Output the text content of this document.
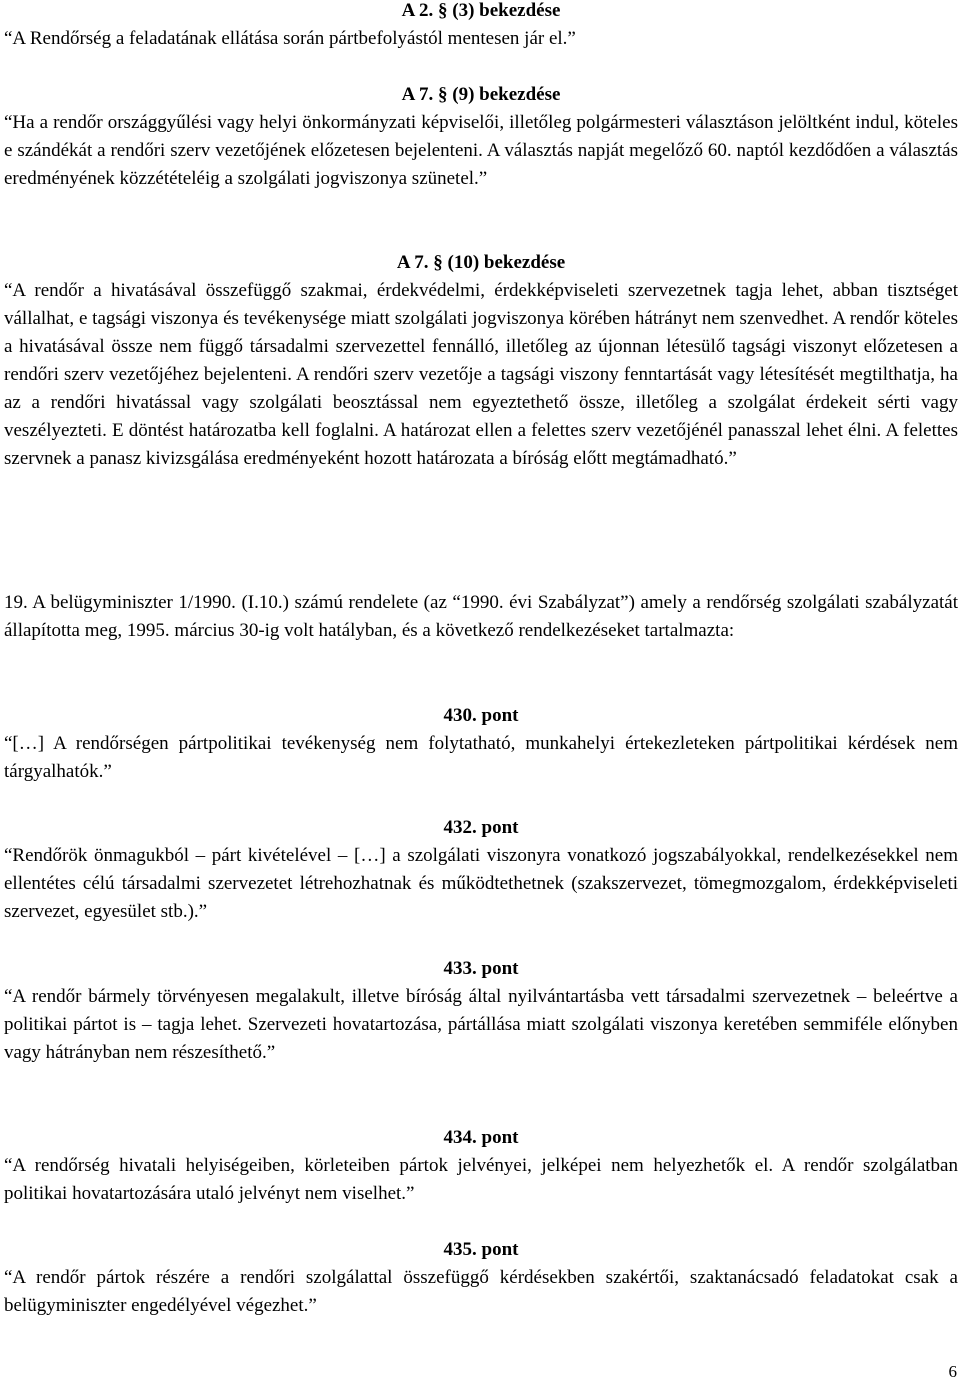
A 2. § (3) bekezdése

“A Rendőrség a feladatának ellátása során pártbefolyástól mentesen jár el.”

A 7. § (9) bekezdése

“Ha a rendőr országgyűlési vagy helyi önkormányzati képviselői, illetőleg polgármesteri választáson jelöltként indul, köteles e szándékát a rendőri szerv vezetőjének előzetesen bejelenteni. A választás napját megelőző 60. naptól kezdődően a választás eredményének közzétételéig a szolgálati jogviszonya szünetel.”

A 7. § (10) bekezdése

“A rendőr a hivatásával összefüggő szakmai, érdekvédelmi, érdekképviseleti szervezetnek tagja lehet, abban tisztséget vállalhat, e tagsági viszonya és tevékenysége miatt szolgálati jogviszonya körében hátrányt nem szenvedhet. A rendőr köteles a hivatásával össze nem függő társadalmi szervezettel fennálló, illetőleg az újonnan létesülő tagsági viszonyt előzetesen a rendőri szerv vezetőjéhez bejelenteni. A rendőri szerv vezetője a tagsági viszony fenntartását vagy létesítését megtilthatja, ha az a rendőri hivatással vagy szolgálati beosztással nem egyeztethető össze, illetőleg a szolgálat érdekeit sérti vagy veszélyezteti. E döntést határozatba kell foglalni. A határozat ellen a felettes szerv vezetőjénél panasszal lehet élni. A felettes szervnek a panasz kivizsgálása eredményeként hozott határozata a bíróság előtt megtámadható.”

19. A belügyminiszter 1/1990. (I.10.) számú rendelete (az “1990. évi Szabályzat”) amely a rendőrség szolgálati szabályzatát állapította meg, 1995. március 30-ig volt hatályban, és a következő rendelkezéseket tartalmazta:

430. pont

“[…] A rendőrségen pártpolitikai tevékenység nem folytatható, munkahelyi értekezleteken pártpolitikai kérdések nem tárgyalhatók.”

432. pont

“Rendőrök önmagukból – párt kivételével – […] a szolgálati viszonyra vonatkozó jogszabályokkal, rendelkezésekkel nem ellentétes célú társadalmi szervezetet létrehozhatnak és működtethetnek (szakszervezet, tömegmozgalom, érdekképviseleti szervezet, egyesület stb.).”

433. pont

“A rendőr bármely törvényesen megalakult, illetve bíróság által nyilvántartásba vett társadalmi szervezetnek – beleértve a politikai pártot is – tagja lehet. Szervezeti hovatartozása, pártállása miatt szolgálati viszonya keretében semmiféle előnyben vagy hátrányban nem részesíthető.”

434. pont

“A rendőrség hivatali helyiségeiben, körleteiben pártok jelvényei, jelképei nem helyezhetők el. A rendőr szolgálatban politikai hovatartozására utaló jelvényt nem viselhet.”

435. pont

“A rendőr pártok részére a rendőri szolgálattal összefüggő kérdésekben szakértői, szaktanácsadó feladatokat csak a belügyminiszter engedélyével végezhet.”

6
